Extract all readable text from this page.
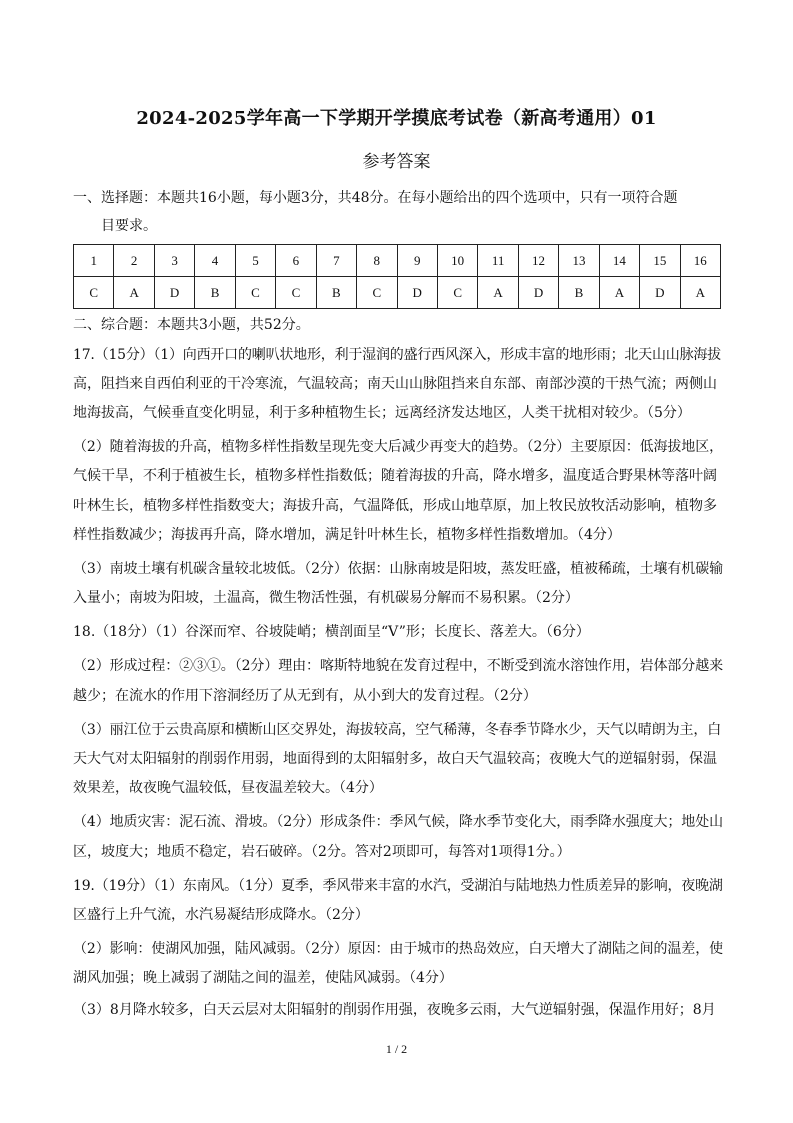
2024-2025学年高一下学期开学摸底考试卷（新高考通用）01
参考答案
一、选择题：本题共16小题，每小题3分，共48分。在每小题给出的四个选项中，只有一项符合题
目要求。
1	2	3	4	5	6	7	8	9	10	11	12	13	14	15	16
C	A	D	B	C	C	B	C	D	C	A	D	B	A	D	A
二、综合题：本题共3小题，共52分。
17.（15分）（1）向西开口的喇叭状地形，利于湿润的盛行西风深入，形成丰富的地形雨；北天山山脉海拔
高，阻挡来自西伯利亚的干冷寒流，气温较高；南天山山脉阻挡来自东部、南部沙漠的干热气流；两侧山
地海拔高，气候垂直变化明显，利于多种植物生长；远离经济发达地区，人类干扰相对较少。（5分）
（2）随着海拔的升高，植物多样性指数呈现先变大后减少再变大的趋势。（2分）主要原因：低海拔地区，
气候干旱，不利于植被生长，植物多样性指数低；随着海拔的升高，降水增多，温度适合野果林等落叶阔
叶林生长，植物多样性指数变大；海拔升高，气温降低，形成山地草原，加上牧民放牧活动影响，植物多
样性指数减少；海拔再升高，降水增加，满足针叶林生长，植物多样性指数增加。（4分）
（3）南坡土壤有机碳含量较北坡低。（2分）依据：山脉南坡是阳坡，蒸发旺盛，植被稀疏，土壤有机碳输
入量小；南坡为阳坡，土温高，微生物活性强，有机碳易分解而不易积累。（2分）
18.（18分）（1）谷深而窄、谷坡陡峭；横剖面呈“V”形；长度长、落差大。（6分）
（2）形成过程：②③①。（2分）理由：喀斯特地貌在发育过程中，不断受到流水溶蚀作用，岩体部分越来
越少；在流水的作用下溶洞经历了从无到有，从小到大的发育过程。（2分）
（3）丽江位于云贵高原和横断山区交界处，海拔较高，空气稀薄，冬春季节降水少，天气以晴朗为主，白
天大气对太阳辐射的削弱作用弱，地面得到的太阳辐射多，故白天气温较高；夜晚大气的逆辐射弱，保温
效果差，故夜晚气温较低，昼夜温差较大。（4分）
（4）地质灾害：泥石流、滑坡。（2分）形成条件：季风气候，降水季节变化大，雨季降水强度大；地处山
区，坡度大；地质不稳定，岩石破碎。（2分。答对2项即可，每答对1项得1分。）
19.（19分）（1）东南风。（1分）夏季，季风带来丰富的水汽，受湖泊与陆地热力性质差异的影响，夜晚湖
区盛行上升气流，水汽易凝结形成降水。（2分）
（2）影响：使湖风加强，陆风减弱。（2分）原因：由于城市的热岛效应，白天增大了湖陆之间的温差，使
湖风加强；晚上减弱了湖陆之间的温差，使陆风减弱。（4分）
（3）8月降水较多，白天云层对太阳辐射的削弱作用强，夜晚多云雨，大气逆辐射强，保温作用好；8月
1 / 2
